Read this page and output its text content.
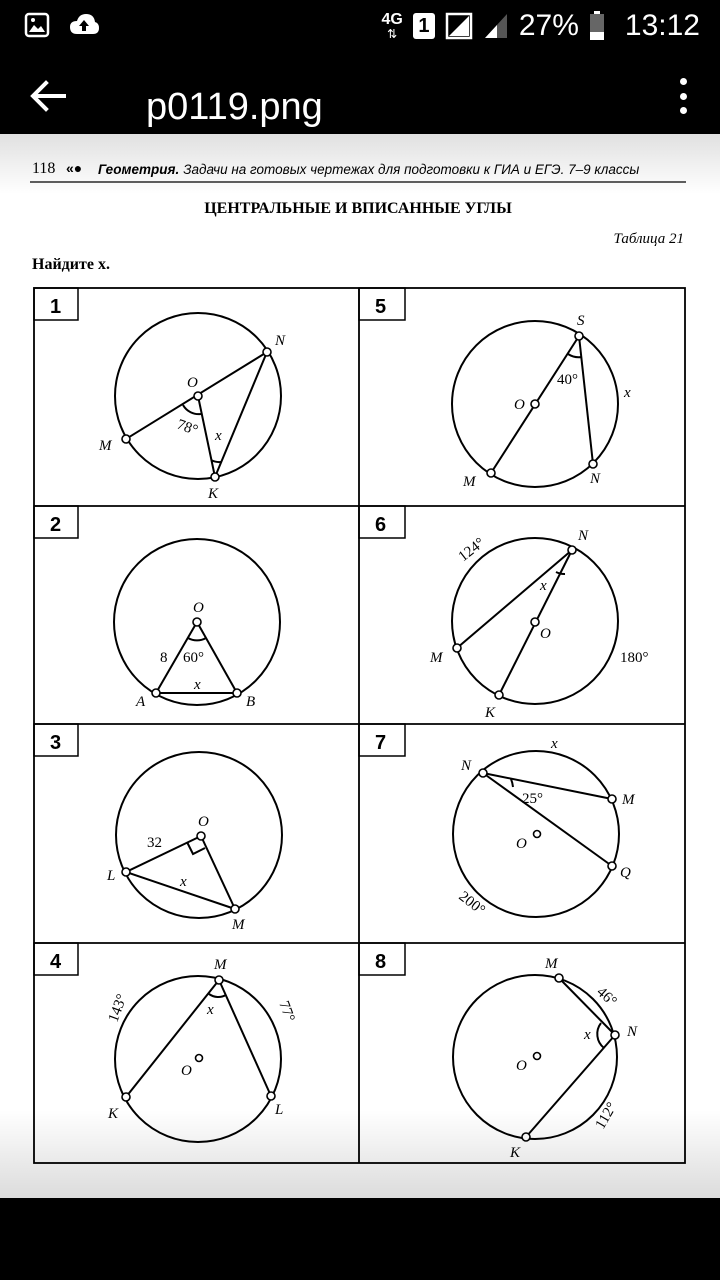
4G
⇅ 1	27% 13:12
p0119.png
ЦЕНТРАЛЬНЫЕ И ВПИСАННЫЕ УГЛЫ
Таблица 21
Найдите x.
1	5
2	6
3	7
4	8
O
N
M
K
78° x
S
O
M	N
40°
x
O
A	B
8 60°
x
N
O
M
K
124°
180°
x
O
L
M
32
x
N
M
Q
O
25°
200°
x
M
O
143°	77°
x
M
N
O
46°
x
